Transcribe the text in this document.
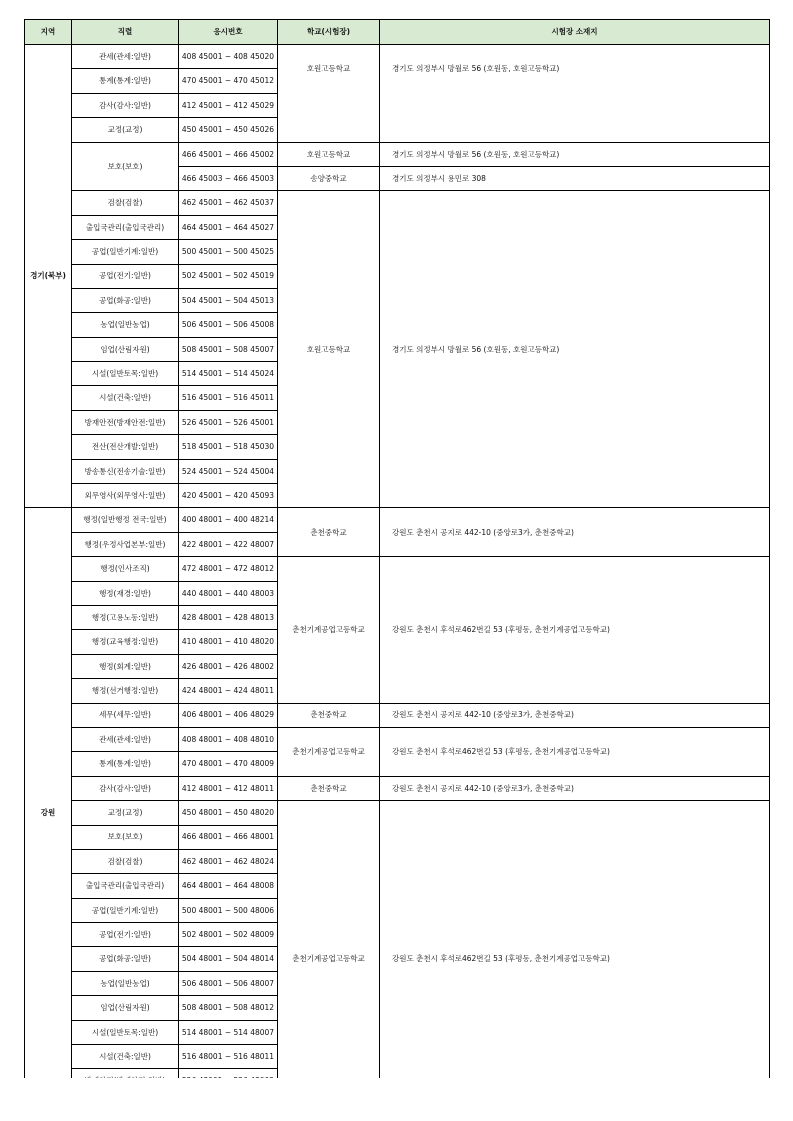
지역	직렬	응시번호	학교(시험장)	시험장 소재지
경기(북부)	관세(관세:일반)	408 45001 ~ 408 45020	호원고등학교	경기도 의정부시 망월로 56 (호원동, 호원고등학교)
	통계(통계:일반)	470 45001 ~ 470 45012		
	감사(감사:일반)	412 45001 ~ 412 45029		
	교정(교정)	450 45001 ~ 450 45026		
	보호(보호)	466 45001 ~ 466 45002	호원고등학교	경기도 의정부시 망월로 56 (호원동, 호원고등학교)
		466 45003 ~ 466 45003	송양중학교	경기도 의정부시 용민로 308
	검찰(검찰)	462 45001 ~ 462 45037	호원고등학교	경기도 의정부시 망월로 56 (호원동, 호원고등학교)
	출입국관리(출입국관리)	464 45001 ~ 464 45027		
	공업(일반기계:일반)	500 45001 ~ 500 45025		
	공업(전기:일반)	502 45001 ~ 502 45019		
	공업(화공:일반)	504 45001 ~ 504 45013		
	농업(일반농업)	506 45001 ~ 506 45008		
	임업(산림자원)	508 45001 ~ 508 45007		
	시설(일반토목:일반)	514 45001 ~ 514 45024		
	시설(건축:일반)	516 45001 ~ 516 45011		
	방재안전(방재안전:일반)	526 45001 ~ 526 45001		
	전산(전산개발:일반)	518 45001 ~ 518 45030		
	방송통신(전송기술:일반)	524 45001 ~ 524 45004		
	외무영사(외무영사:일반)	420 45001 ~ 420 45093		
강원	행정(일반행정 전국:일반)	400 48001 ~ 400 48214	춘천중학교	강원도 춘천시 공지로 442-10 (중앙로3가, 춘천중학교)
	행정(우정사업본부:일반)	422 48001 ~ 422 48007		
	행정(인사조직)	472 48001 ~ 472 48012	춘천기계공업고등학교	강원도 춘천시 후석로462번길 53 (후평동, 춘천기계공업고등학교)
	행정(재경:일반)	440 48001 ~ 440 48003		
	행정(고용노동:일반)	428 48001 ~ 428 48013		
	행정(교육행정:일반)	410 48001 ~ 410 48020		
	행정(회계:일반)	426 48001 ~ 426 48002		
	행정(선거행정:일반)	424 48001 ~ 424 48011		
	세무(세무:일반)	406 48001 ~ 406 48029	춘천중학교	강원도 춘천시 공지로 442-10 (중앙로3가, 춘천중학교)
	관세(관세:일반)	408 48001 ~ 408 48010	춘천기계공업고등학교	강원도 춘천시 후석로462번길 53 (후평동, 춘천기계공업고등학교)
	통계(통계:일반)	470 48001 ~ 470 48009		
	감사(감사:일반)	412 48001 ~ 412 48011	춘천중학교	강원도 춘천시 공지로 442-10 (중앙로3가, 춘천중학교)
	교정(교정)	450 48001 ~ 450 48020	춘천기계공업고등학교	강원도 춘천시 후석로462번길 53 (후평동, 춘천기계공업고등학교)
	보호(보호)	466 48001 ~ 466 48001		
	검찰(검찰)	462 48001 ~ 462 48024		
	출입국관리(출입국관리)	464 48001 ~ 464 48008		
	공업(일반기계:일반)	500 48001 ~ 500 48006		
	공업(전기:일반)	502 48001 ~ 502 48009		
	공업(화공:일반)	504 48001 ~ 504 48014		
	농업(일반농업)	506 48001 ~ 506 48007		
	임업(산림자원)	508 48001 ~ 508 48012		
	시설(일반토목:일반)	514 48001 ~ 514 48007		
	시설(건축:일반)	516 48001 ~ 516 48011		
